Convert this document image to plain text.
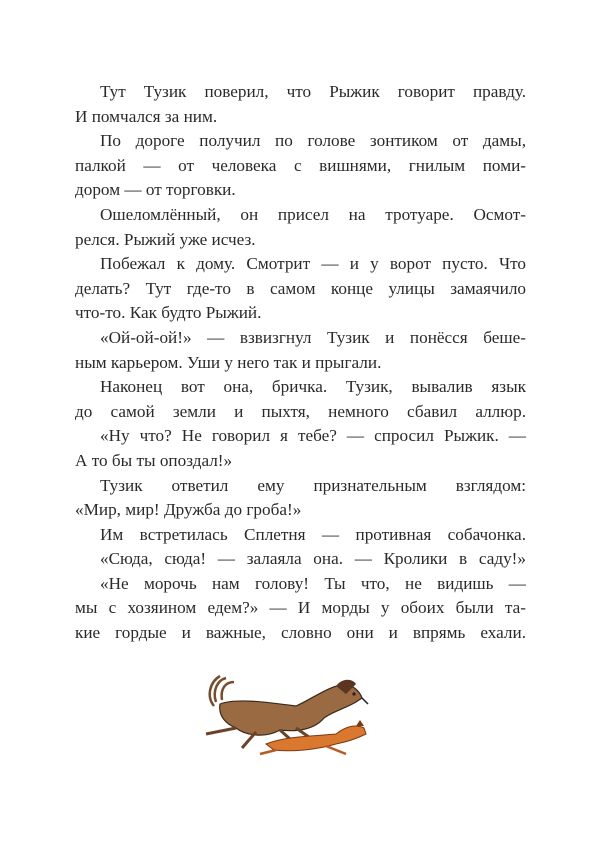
Тут Тузик поверил, что Рыжик говорит правду.
И помчался за ним.
По дороге получил по голове зонтиком от дамы,
палкой — от человека с вишнями, гнилым поми-
дором — от торговки.
Ошеломлённый, он присел на тротуаре. Осмот-
релся. Рыжий уже исчез.
Побежал к дому. Смотрит — и у ворот пусто. Что
делать? Тут где-то в самом конце улицы замаячило
что-то. Как будто Рыжий.
«Ой-ой-ой!» — взвизгнул Тузик и понёсся беше-
ным карьером. Уши у него так и прыгали.
Наконец вот она, бричка. Тузик, вывалив язык
до самой земли и пыхтя, немного сбавил аллюр.
«Ну что? Не говорил я тебе? — спросил Рыжик. —
А то бы ты опоздал!»
Тузик ответил ему признательным взглядом:
«Мир, мир! Дружба до гроба!»
Им встретилась Сплетня — противная собачонка.
«Сюда, сюда! — залаяла она. — Кролики в саду!»
«Не морочь нам голову! Ты что, не видишь —
мы с хозяином едем?» — И морды у обоих были та-
кие гордые и важные, словно они и впрямь ехали.
